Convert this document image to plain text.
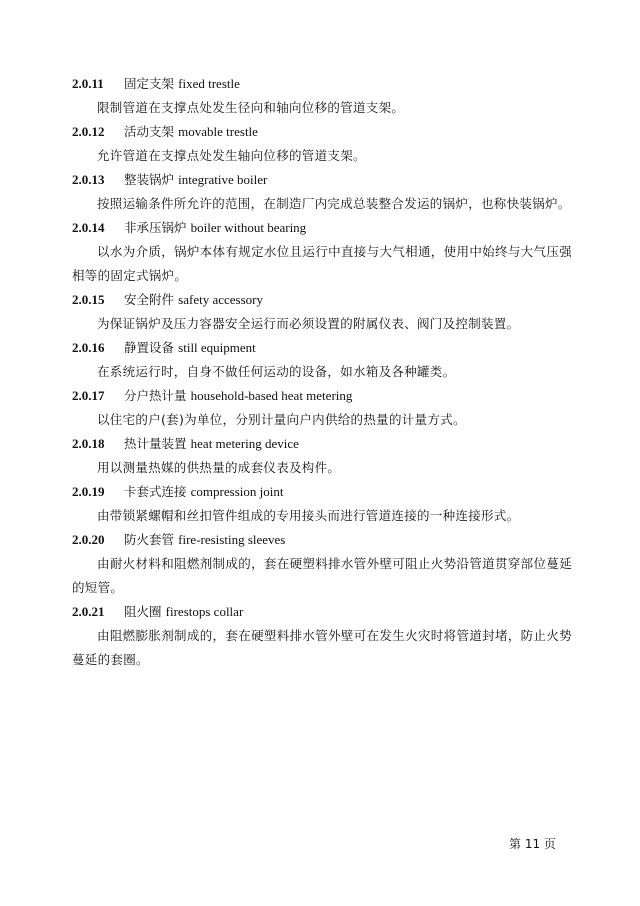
2.0.11 固定支架 fixed trestle

限制管道在支撑点处发生径向和轴向位移的管道支架。

2.0.12 活动支架 movable trestle

允许管道在支撑点处发生轴向位移的管道支架。

2.0.13 整装锅炉 integrative boiler

按照运输条件所允许的范围，在制造厂内完成总装整合发运的锅炉，也称快装锅炉。

2.0.14 非承压锅炉 boiler without bearing

以水为介质，锅炉本体有规定水位且运行中直接与大气相通，使用中始终与大气压强相等的固定式锅炉。

2.0.15 安全附件 safety accessory

为保证锅炉及压力容器安全运行而必须设置的附属仪表、阀门及控制装置。

2.0.16 静置设备 still equipment

在系统运行时，自身不做任何运动的设备，如水箱及各种罐类。

2.0.17 分户热计量 household-based heat metering

以住宅的户(套)为单位，分别计量向户内供给的热量的计量方式。

2.0.18 热计量装置 heat metering device

用以测量热媒的供热量的成套仪表及构件。

2.0.19 卡套式连接 compression joint

由带锁紧螺帽和丝扣管件组成的专用接头而进行管道连接的一种连接形式。

2.0.20 防火套管 fire-resisting sleeves

由耐火材料和阻燃剂制成的，套在硬塑料排水管外壁可阻止火势沿管道贯穿部位蔓延的短管。

2.0.21 阻火圈 firestops collar

由阻燃膨胀剂制成的，套在硬塑料排水管外壁可在发生火灾时将管道封堵，防止火势蔓延的套圈。

第 11 页
